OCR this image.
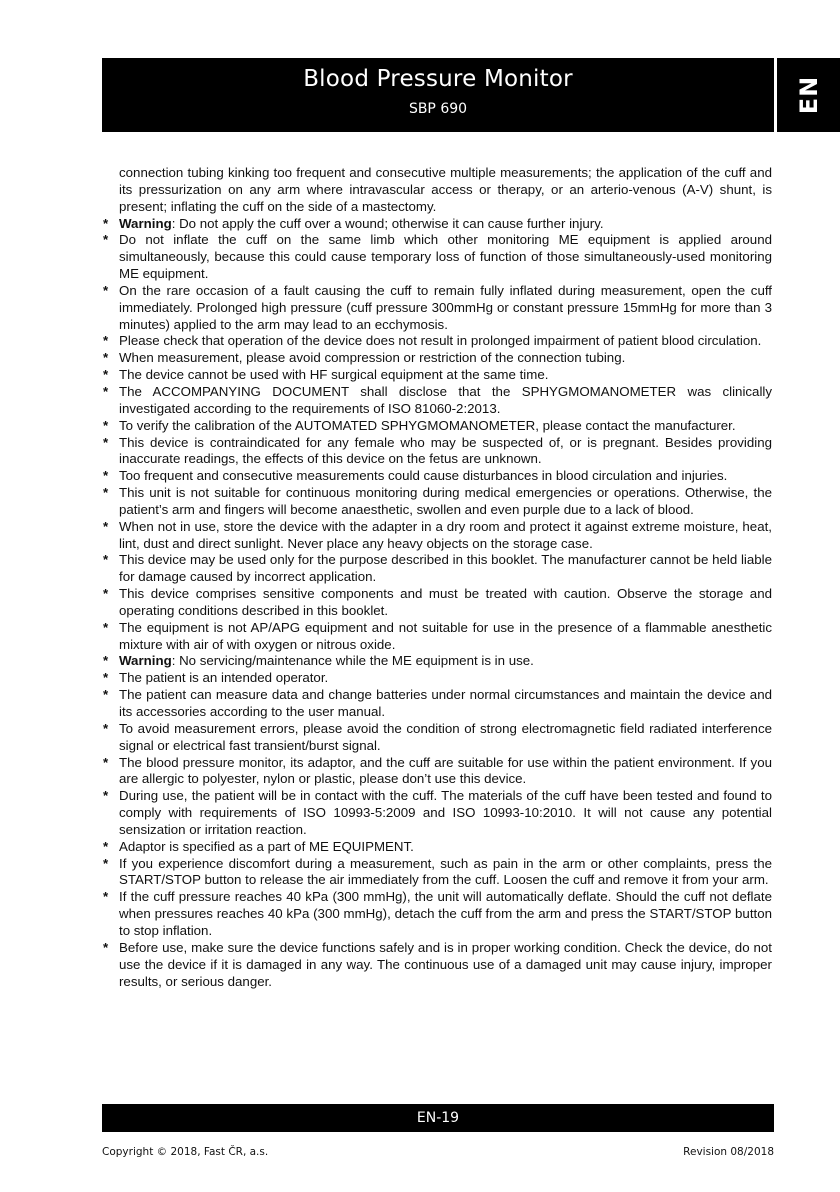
Blood Pressure Monitor
SBP 690	EN

connection tubing kinking too frequent and consecutive multiple measurements; the application of the cuff and its pressurization on any arm where intravascular access or therapy, or an arterio-venous (A-V) shunt, is present; inflating the cuff on the side of a mastectomy.

* Warning: Do not apply the cuff over a wound; otherwise it can cause further injury.

* Do not inflate the cuff on the same limb which other monitoring ME equipment is applied around simultaneously, because this could cause temporary loss of function of those simultaneously-used monitoring ME equipment.

* On the rare occasion of a fault causing the cuff to remain fully inflated during measurement, open the cuff immediately. Prolonged high pressure (cuff pressure 300mmHg or constant pressure 15mmHg for more than 3 minutes) applied to the arm may lead to an ecchymosis.

* Please check that operation of the device does not result in prolonged impairment of patient blood circulation.

* When measurement, please avoid compression or restriction of the connection tubing.

* The device cannot be used with HF surgical equipment at the same time.

* The ACCOMPANYING DOCUMENT shall disclose that the SPHYGMOMANOMETER was clinically investigated according to the requirements of ISO 81060-2:2013.

* To verify the calibration of the AUTOMATED SPHYGMOMANOMETER, please contact the manufacturer.

* This device is contraindicated for any female who may be suspected of, or is pregnant. Besides providing inaccurate readings, the effects of this device on the fetus are unknown.

* Too frequent and consecutive measurements could cause disturbances in blood circulation and injuries.

* This unit is not suitable for continuous monitoring during medical emergencies or operations. Otherwise, the patient’s arm and fingers will become anaesthetic, swollen and even purple due to a lack of blood.

* When not in use, store the device with the adapter in a dry room and protect it against extreme moisture, heat, lint, dust and direct sunlight. Never place any heavy objects on the storage case.

* This device may be used only for the purpose described in this booklet. The manufacturer cannot be held liable for damage caused by incorrect application.

* This device comprises sensitive components and must be treated with caution. Observe the storage and operating conditions described in this booklet.

* The equipment is not AP/APG equipment and not suitable for use in the presence of a flammable anesthetic mixture with air of with oxygen or nitrous oxide.

* Warning: No servicing/maintenance while the ME equipment is in use.

* The patient is an intended operator.

* The patient can measure data and change batteries under normal circumstances and maintain the device and its accessories according to the user manual.

* To avoid measurement errors, please avoid the condition of strong electromagnetic field radiated interference signal or electrical fast transient/burst signal.

* The blood pressure monitor, its adaptor, and the cuff are suitable for use within the patient environment. If you are allergic to polyester, nylon or plastic, please don’t use this device.

* During use, the patient will be in contact with the cuff. The materials of the cuff have been tested and found to comply with requirements of ISO 10993-5:2009 and ISO 10993-10:2010. It will not cause any potential sensization or irritation reaction.

* Adaptor is specified as a part of ME EQUIPMENT.

* If you experience discomfort during a measurement, such as pain in the arm or other complaints, press the START/STOP button to release the air immediately from the cuff. Loosen the cuff and remove it from your arm.

* If the cuff pressure reaches 40 kPa (300 mmHg), the unit will automatically deflate. Should the cuff not deflate when pressures reaches 40 kPa (300 mmHg), detach the cuff from the arm and press the START/STOP button to stop inflation.

* Before use, make sure the device functions safely and is in proper working condition. Check the device, do not use the device if it is damaged in any way. The continuous use of a damaged unit may cause injury, improper results, or serious danger.

EN-19
Copyright © 2018, Fast ČR, a.s.	Revision 08/2018
